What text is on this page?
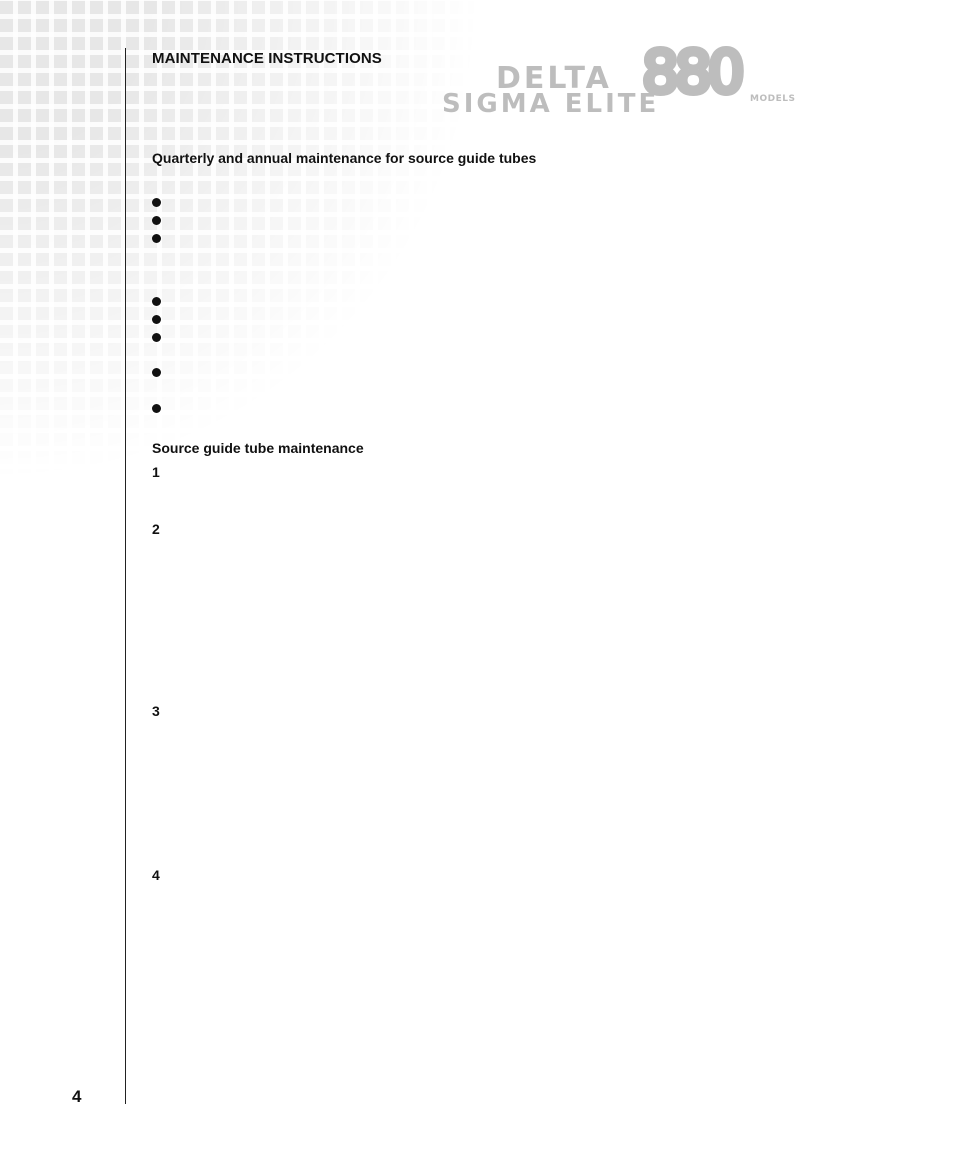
MAINTENANCE INSTRUCTIONS
DELTA 880
SIGMA ELITE	MODELS
Quarterly and annual maintenance for source guide tubes
Source guide tube maintenance
1
2
3
4
4
